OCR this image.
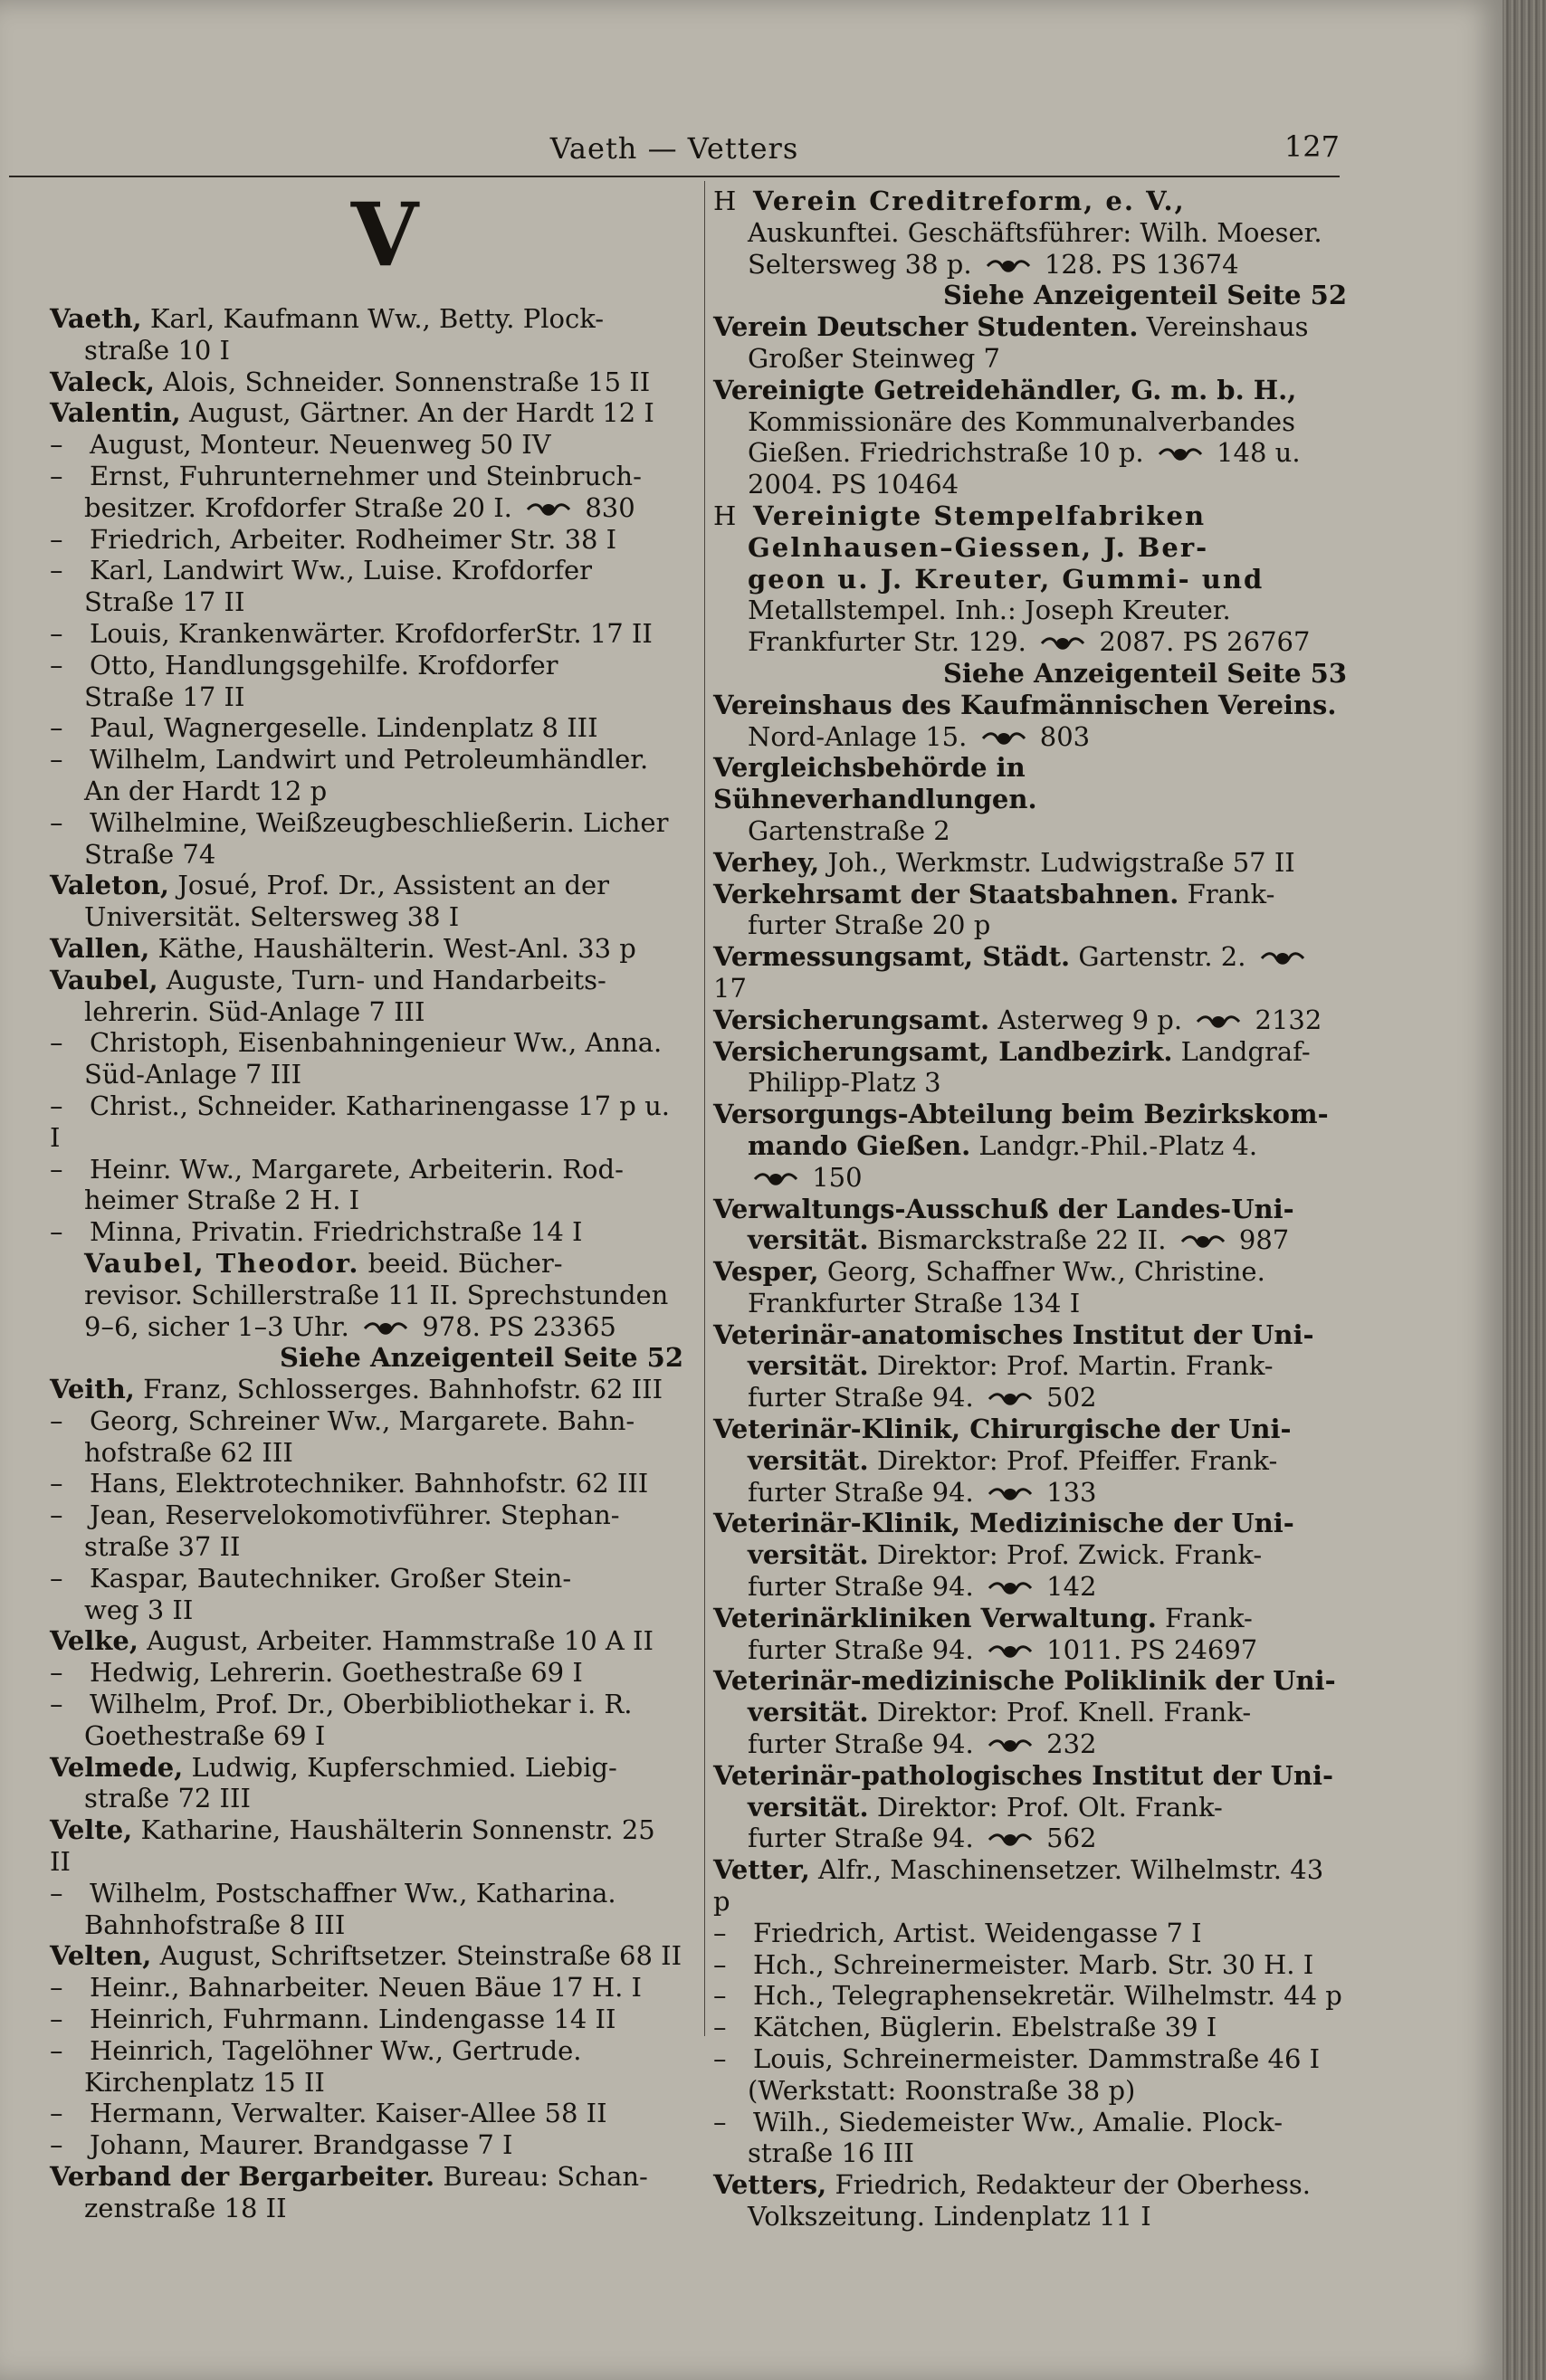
Vaeth — Vetters	127
V

Vaeth, Karl, Kaufmann Ww., Betty. Plock-

straße 10 I

Valeck, Alois, Schneider. Sonnenstraße 15 II

Valentin, August, Gärtner. An der Hardt 12 I

– August, Monteur. Neuenweg 50 IV

– Ernst, Fuhrunternehmer und Steinbruch-

besitzer. Krofdorfer Straße 20 I.
830

– Friedrich, Arbeiter. Rodheimer Str. 38 I

– Karl, Landwirt Ww., Luise. Krofdorfer

Straße 17 II

– Louis, Krankenwärter. KrofdorferStr. 17 II

– Otto, Handlungsgehilfe. Krofdorfer

Straße 17 II

– Paul, Wagnergeselle. Lindenplatz 8 III

– Wilhelm, Landwirt und Petroleumhändler.

An der Hardt 12 p

– Wilhelmine, Weißzeugbeschließerin. Licher

Straße 74

Valeton, Josué, Prof. Dr., Assistent an der

Universität. Seltersweg 38 I

Vallen, Käthe, Haushälterin. West-Anl. 33 p

Vaubel, Auguste, Turn- und Handarbeits-

lehrerin. Süd-Anlage 7 III

– Christoph, Eisenbahningenieur Ww., Anna.

Süd-Anlage 7 III

– Christ., Schneider. Katharinengasse 17 p u. I

– Heinr. Ww., Margarete, Arbeiterin. Rod-

heimer Straße 2 H. I

– Minna, Privatin. Friedrichstraße 14 I

Vaubel, Theodor. beeid. Bücher-

revisor. Schillerstraße 11 II. Sprechstunden

9–6, sicher 1–3 Uhr.
978. PS 23365

Siehe Anzeigenteil Seite 52

Veith, Franz, Schlosserges. Bahnhofstr. 62 III

– Georg, Schreiner Ww., Margarete. Bahn-

hofstraße 62 III

– Hans, Elektrotechniker. Bahnhofstr. 62 III

– Jean, Reservelokomotivführer. Stephan-

straße 37 II

– Kaspar, Bautechniker. Großer Stein-

weg 3 II

Velke, August, Arbeiter. Hammstraße 10 A II

– Hedwig, Lehrerin. Goethestraße 69 I

– Wilhelm, Prof. Dr., Oberbibliothekar i. R.

Goethestraße 69 I

Velmede, Ludwig, Kupferschmied. Liebig-

straße 72 III

Velte, Katharine, Haushälterin Sonnenstr. 25 II

– Wilhelm, Postschaffner Ww., Katharina.

Bahnhofstraße 8 III

Velten, August, Schriftsetzer. Steinstraße 68 II

– Heinr., Bahnarbeiter. Neuen Bäue 17 H. I

– Heinrich, Fuhrmann. Lindengasse 14 II

– Heinrich, Tagelöhner Ww., Gertrude.

Kirchenplatz 15 II

– Hermann, Verwalter. Kaiser-Allee 58 II

– Johann, Maurer. Brandgasse 7 I

Verband der Bergarbeiter. Bureau: Schan-

zenstraße 18 II

H Verein Creditreform, e. V.,

Auskunftei. Geschäftsführer: Wilh. Moeser.

Seltersweg 38 p.
128. PS 13674

Siehe Anzeigenteil Seite 52

Verein Deutscher Studenten. Vereinshaus

Großer Steinweg 7

Vereinigte Getreidehändler, G. m. b. H.,

Kommissionäre des Kommunalverbandes

Gießen. Friedrichstraße 10 p.
148 u.

2004. PS 10464

H Vereinigte Stempelfabriken

Gelnhausen–Giessen, J. Ber-

geon u. J. Kreuter, Gummi- und

Metallstempel. Inh.: Joseph Kreuter.

Frankfurter Str. 129.
2087. PS 26767

Siehe Anzeigenteil Seite 53

Vereinshaus des Kaufmännischen Vereins.

Nord-Anlage 15.
803

Vergleichsbehörde in Sühneverhandlungen.

Gartenstraße 2

Verhey, Joh., Werkmstr. Ludwigstraße 57 II

Verkehrsamt der Staatsbahnen. Frank-

furter Straße 20 p

Vermessungsamt, Städt. Gartenstr. 2.
17

Versicherungsamt. Asterweg 9 p.
2132

Versicherungsamt, Landbezirk. Landgraf-

Philipp-Platz 3

Versorgungs-Abteilung beim Bezirkskom-

mando Gießen. Landgr.-Phil.-Platz 4.

150

Verwaltungs-Ausschuß der Landes-Uni-

versität. Bismarckstraße 22 II.
987

Vesper, Georg, Schaffner Ww., Christine.

Frankfurter Straße 134 I

Veterinär-anatomisches Institut der Uni-

versität. Direktor: Prof. Martin. Frank-

furter Straße 94.
502

Veterinär-Klinik, Chirurgische der Uni-

versität. Direktor: Prof. Pfeiffer. Frank-

furter Straße 94.
133

Veterinär-Klinik, Medizinische der Uni-

versität. Direktor: Prof. Zwick. Frank-

furter Straße 94.
142

Veterinärkliniken Verwaltung. Frank-

furter Straße 94.
1011. PS 24697

Veterinär-medizinische Poliklinik der Uni-

versität. Direktor: Prof. Knell. Frank-

furter Straße 94.
232

Veterinär-pathologisches Institut der Uni-

versität. Direktor: Prof. Olt. Frank-

furter Straße 94.
562

Vetter, Alfr., Maschinensetzer. Wilhelmstr. 43 p

– Friedrich, Artist. Weidengasse 7 I

– Hch., Schreinermeister. Marb. Str. 30 H. I

– Hch., Telegraphensekretär. Wilhelmstr. 44 p

– Kätchen, Büglerin. Ebelstraße 39 I

– Louis, Schreinermeister. Dammstraße 46 I

(Werkstatt: Roonstraße 38 p)

– Wilh., Siedemeister Ww., Amalie. Plock-

straße 16 III

Vetters, Friedrich, Redakteur der Oberhess.

Volkszeitung. Lindenplatz 11 I
